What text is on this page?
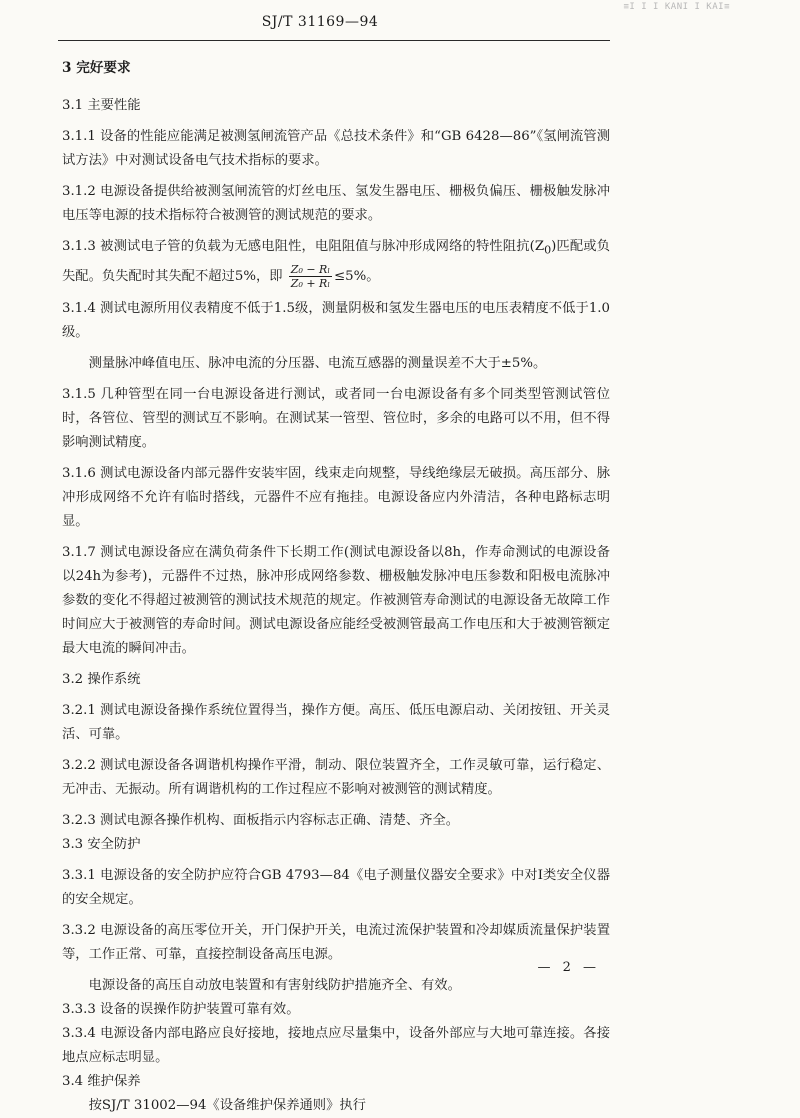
≡I I I KANI I KAI≡
SJ/T 31169—94
3 完好要求

3.1 主要性能

3.1.1 设备的性能应能满足被测氢闸流管产品《总技术条件》和“GB 6428—86”《氢闸流管测试方法》中对测试设备电气技术指标的要求。

3.1.2 电源设备提供给被测氢闸流管的灯丝电压、氢发生器电压、栅极负偏压、栅极触发脉冲电压等电源的技术指标符合被测管的测试规范的要求。

3.1.3 被测试电子管的负载为无感电阻性，电阻阻值与脉冲形成网络的特性阻抗$(Z_0)$匹配或负失配。负失配时其失配不超过5%，即 $\frac{\text{Z₀ − Rₗ}}{\text{Z₀ + Rₗ}} \le 5\%$。

3.1.4 测试电源所用仪表精度不低于1.5级，测量阴极和氢发生器电压的电压表精度不低于1.0级。

测量脉冲峰值电压、脉冲电流的分压器、电流互感器的测量误差不大于±5%。

3.1.5 几种管型在同一台电源设备进行测试，或者同一台电源设备有多个同类型管测试管位时，各管位、管型的测试互不影响。在测试某一管型、管位时，多余的电路可以不用，但不得影响测试精度。

3.1.6 测试电源设备内部元器件安装牢固，线束走向规整，导线绝缘层无破损。高压部分、脉冲形成网络不允许有临时搭线，元器件不应有拖挂。电源设备应内外清洁，各种电路标志明显。

3.1.7 测试电源设备应在满负荷条件下长期工作(测试电源设备以8h，作寿命测试的电源设备以24h为参考)，元器件不过热，脉冲形成网络参数、栅极触发脉冲电压参数和阳极电流脉冲参数的变化不得超过被测管的测试技术规范的规定。作被测管寿命测试的电源设备无故障工作时间应大于被测管的寿命时间。测试电源设备应能经受被测管最高工作电压和大于被测管额定最大电流的瞬间冲击。

3.2 操作系统

3.2.1 测试电源设备操作系统位置得当，操作方便。高压、低压电源启动、关闭按钮、开关灵活、可靠。

3.2.2 测试电源设备各调谐机构操作平滑，制动、限位装置齐全，工作灵敏可靠，运行稳定、无冲击、无振动。所有调谐机构的工作过程应不影响对被测管的测试精度。

3.2.3 测试电源各操作机构、面板指示内容标志正确、清楚、齐全。

3.3 安全防护

3.3.1 电源设备的安全防护应符合GB 4793—84《电子测量仪器安全要求》中对I类安全仪器的安全规定。

3.3.2 电源设备的高压零位开关，开门保护开关，电流过流保护装置和冷却媒质流量保护装置等，工作正常、可靠，直接控制设备高压电源。

电源设备的高压自动放电装置和有害射线防护措施齐全、有效。

3.3.3 设备的误操作防护装置可靠有效。

3.3.4 电源设备内部电路应良好接地，接地点应尽量集中，设备外部应与大地可靠连接。各接地点应标志明显。

3.4 维护保养

按SJ/T 31002—94《设备维护保养通则》执行

— 2 —
